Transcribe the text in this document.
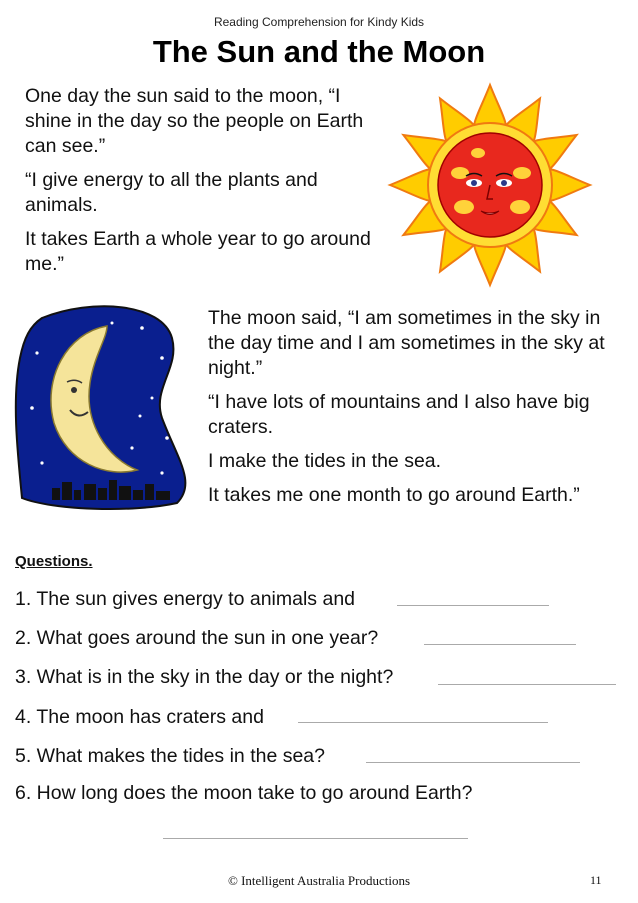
Reading Comprehension for Kindy Kids
The Sun and the Moon

One day the sun said to the moon, “I shine in the day so the people on Earth can see.”

“I give energy to all the plants and animals.

It takes Earth a whole year to go around me.”

The moon said, “I am sometimes in the sky in the day time and I am sometimes in the sky at night.”

“I have lots of mountains and I also have big craters.

I make the tides in the sea.

It takes me one month to go around Earth.”

Questions.
1. The sun gives energy to animals and
2. What goes around the sun in one year?
3. What is in the sky in the day or the night?
4. The moon has craters and
5. What makes the tides in the sea?
6. How long does the moon take to go around Earth?
© Intelligent Australia Productions	11
